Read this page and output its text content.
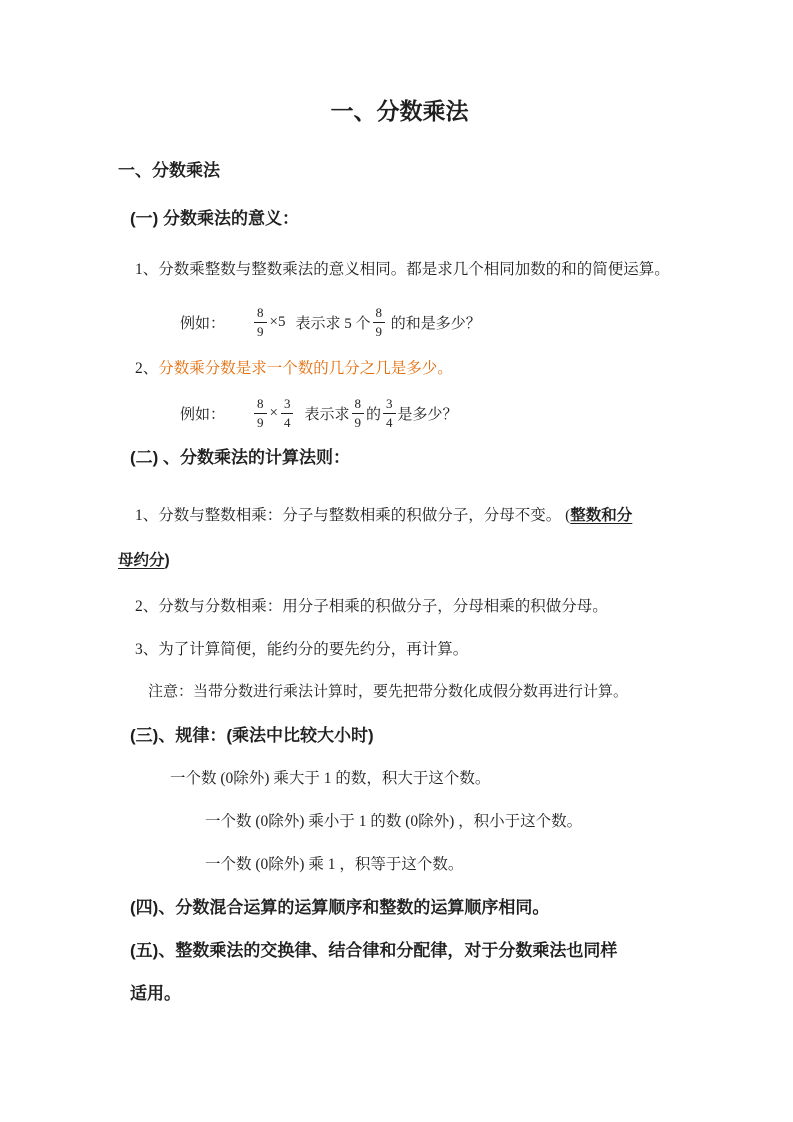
一、分数乘法
一、分数乘法
(一) 分数乘法的意义：

1、分数乘整数与整数乘法的意义相同。都是求几个相同加数的和的简便运算。

例如： $\frac{8}{9} \times 5$ 表示求 5 个 $\frac{8}{9}$ 的和是多少？

2、分数乘分数是求一个数的几分之几是多少。

例如： $\frac{8}{9} \times \frac{3}{4}$ 表示求 $\frac{8}{9}$ 的 $\frac{3}{4}$ 是多少？
(二) 、分数乘法的计算法则：

1、分数与整数相乘：分子与整数相乘的积做分子，分母不变。 (整数和分
母约分)

2、分数与分数相乘：用分子相乘的积做分子，分母相乘的积做分母。

3、为了计算简便，能约分的要先约分，再计算。

注意：当带分数进行乘法计算时，要先把带分数化成假分数再进行计算。

(三)、规律：(乘法中比较大小时)

一个数 (0除外) 乘大于 1 的数，积大于这个数。

一个数 (0除外) 乘小于 1 的数 (0除外) ，积小于这个数。

一个数 (0除外) 乘 1 ，积等于这个数。

(四)、分数混合运算的运算顺序和整数的运算顺序相同。
(五)、整数乘法的交换律、结合律和分配律，对于分数乘法也同样
适用。
